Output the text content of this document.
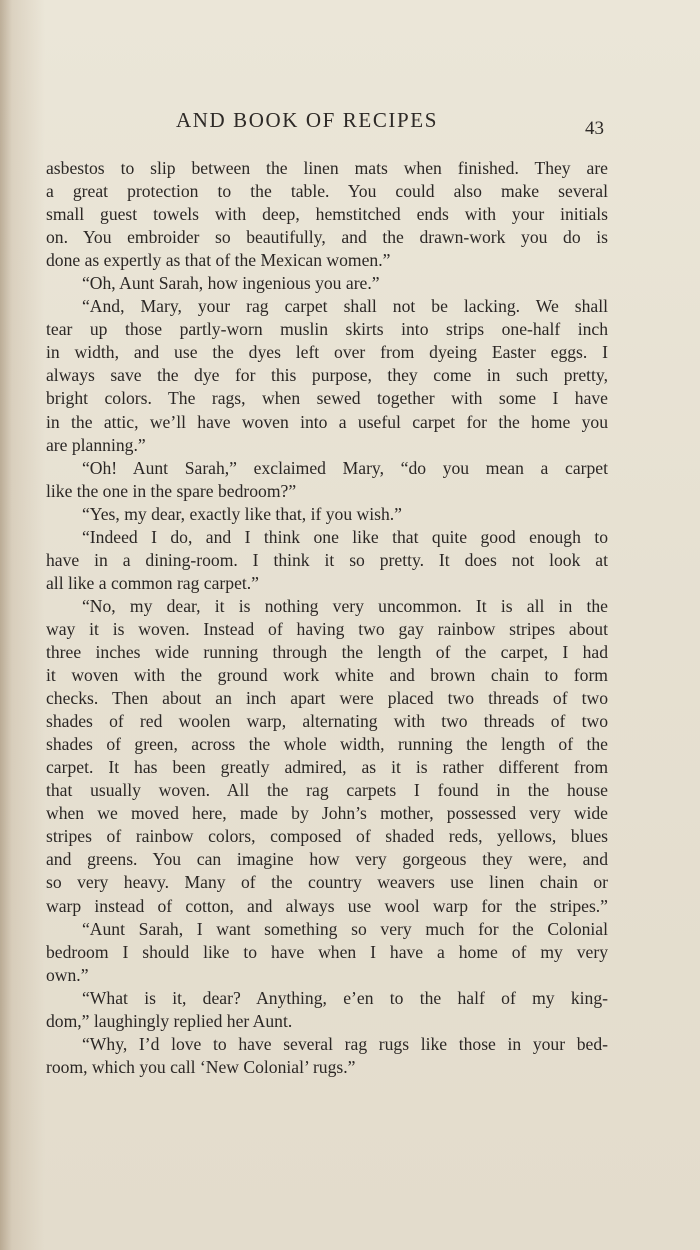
AND BOOK OF RECIPES	43
asbestos to slip between the linen mats when finished. They are
a great protection to the table. You could also make several
small guest towels with deep, hemstitched ends with your initials
on. You embroider so beautifully, and the drawn-work you do is
done as expertly as that of the Mexican women.”
“Oh, Aunt Sarah, how ingenious you are.”
“And, Mary, your rag carpet shall not be lacking. We shall
tear up those partly-worn muslin skirts into strips one-half inch
in width, and use the dyes left over from dyeing Easter eggs. I
always save the dye for this purpose, they come in such pretty,
bright colors. The rags, when sewed together with some I have
in the attic, we’ll have woven into a useful carpet for the home you
are planning.”
“Oh! Aunt Sarah,” exclaimed Mary, “do you mean a carpet
like the one in the spare bedroom?”
“Yes, my dear, exactly like that, if you wish.”
“Indeed I do, and I think one like that quite good enough to
have in a dining-room. I think it so pretty. It does not look at
all like a common rag carpet.”
“No, my dear, it is nothing very uncommon. It is all in the
way it is woven. Instead of having two gay rainbow stripes about
three inches wide running through the length of the carpet, I had
it woven with the ground work white and brown chain to form
checks. Then about an inch apart were placed two threads of two
shades of red woolen warp, alternating with two threads of two
shades of green, across the whole width, running the length of the
carpet. It has been greatly admired, as it is rather different from
that usually woven. All the rag carpets I found in the house
when we moved here, made by John’s mother, possessed very wide
stripes of rainbow colors, composed of shaded reds, yellows, blues
and greens. You can imagine how very gorgeous they were, and
so very heavy. Many of the country weavers use linen chain or
warp instead of cotton, and always use wool warp for the stripes.”
“Aunt Sarah, I want something so very much for the Colonial
bedroom I should like to have when I have a home of my very
own.”
“What is it, dear? Anything, e’en to the half of my king-
dom,” laughingly replied her Aunt.
“Why, I’d love to have several rag rugs like those in your bed-
room, which you call ‘New Colonial’ rugs.”
